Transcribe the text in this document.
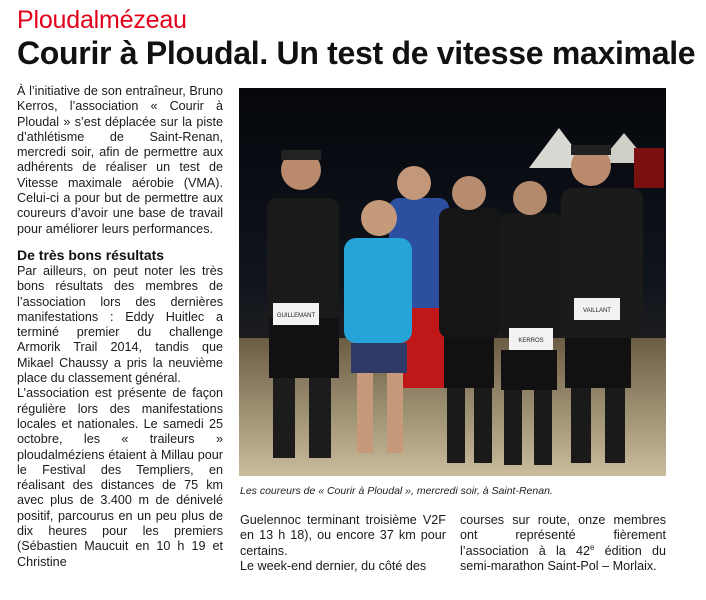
Ploudalmézeau
Courir à Ploudal. Un test de vitesse maximale

À l’initiative de son entraîneur, Bruno Kerros, l’association « Courir à Ploudal » s’est déplacée sur la piste d’athlétisme de Saint-Renan, mercredi soir, afin de permettre aux adhérents de réaliser un test de Vitesse maximale aérobie (VMA). Celui-ci a pour but de permettre aux coureurs d’avoir une base de travail pour améliorer leurs performances.

De très bons résultats

Par ailleurs, on peut noter les très bons résultats des membres de l’association lors des dernières manifestations : Eddy Huitlec a terminé premier du challenge Armorik Trail 2014, tandis que Mikael Chaussy a pris la neuvième place du classement général.

L’association est présente de façon régulière lors des manifestations locales et nationales. Le samedi 25 octobre, les « traileurs » ploudalméziens étaient à Millau pour le Festival des Templiers, en réalisant des distances de 75 km avec plus de 3.400 m de dénivelé positif, parcourus en un peu plus de dix heures pour les premiers (Sébastien Maucuit en 10 h 19 et Christine

GUILLEMANT
KERROS
VAILLANT
Les coureurs de « Courir à Ploudal », mercredi soir, à Saint-Renan.

Guelennoc terminant troisième V2F en 13 h 18), ou encore 37 km pour certains.

Le week-end dernier, du côté des

courses sur route, onze membres ont représenté fièrement l’association à la 42e édition du semi-marathon Saint-Pol – Morlaix.
